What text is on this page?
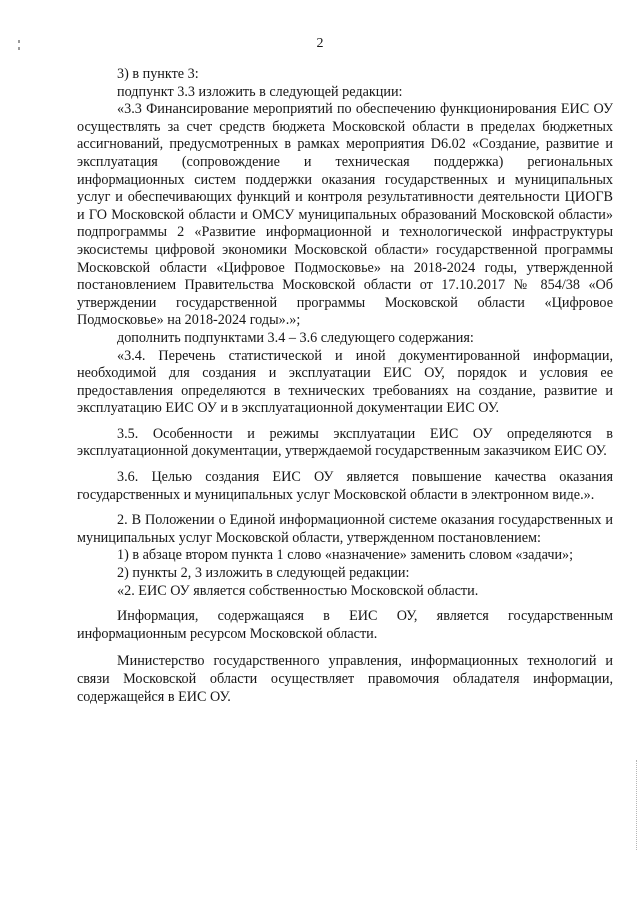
2

3) в пункте 3:

подпункт 3.3 изложить в следующей редакции:

«3.3 Финансирование мероприятий по обеспечению функционирования ЕИС ОУ осуществлять за счет средств бюджета Московской области в пределах бюджетных ассигнований, предусмотренных в рамках мероприятия D6.02 «Создание, развитие и эксплуатация (сопровождение и техническая поддержка) региональных информационных систем поддержки оказания государственных и муниципальных услуг и обеспечивающих функций и контроля результативности деятельности ЦИОГВ и ГО Московской области и ОМСУ муниципальных образований Московской области» подпрограммы 2 «Развитие информационной и технологической инфраструктуры экосистемы цифровой экономики Московской области» государственной программы Московской области «Цифровое Подмосковье» на 2018-2024 годы, утвержденной постановлением Правительства Московской области от 17.10.2017 № 854/38 «Об утверждении государственной программы Московской области «Цифровое Подмосковье» на 2018-2024 годы».»;

дополнить подпунктами 3.4 – 3.6 следующего содержания:

«3.4. Перечень статистической и иной документированной информации, необходимой для создания и эксплуатации ЕИС ОУ, порядок и условия ее предоставления определяются в технических требованиях на создание, развитие и эксплуатацию ЕИС ОУ и в эксплуатационной документации ЕИС ОУ.

3.5. Особенности и режимы эксплуатации ЕИС ОУ определяются в эксплуатационной документации, утверждаемой государственным заказчиком ЕИС ОУ.

3.6. Целью создания ЕИС ОУ является повышение качества оказания государственных и муниципальных услуг Московской области в электронном виде.».

2. В Положении о Единой информационной системе оказания государственных и муниципальных услуг Московской области, утвержденном постановлением:

1) в абзаце втором пункта 1 слово «назначение» заменить словом «задачи»;

2) пункты 2, 3 изложить в следующей редакции:

«2. ЕИС ОУ является собственностью Московской области.

Информация, содержащаяся в ЕИС ОУ, является государственным информационным ресурсом Московской области.

Министерство государственного управления, информационных технологий и связи Московской области осуществляет правомочия обладателя информации, содержащейся в ЕИС ОУ.
